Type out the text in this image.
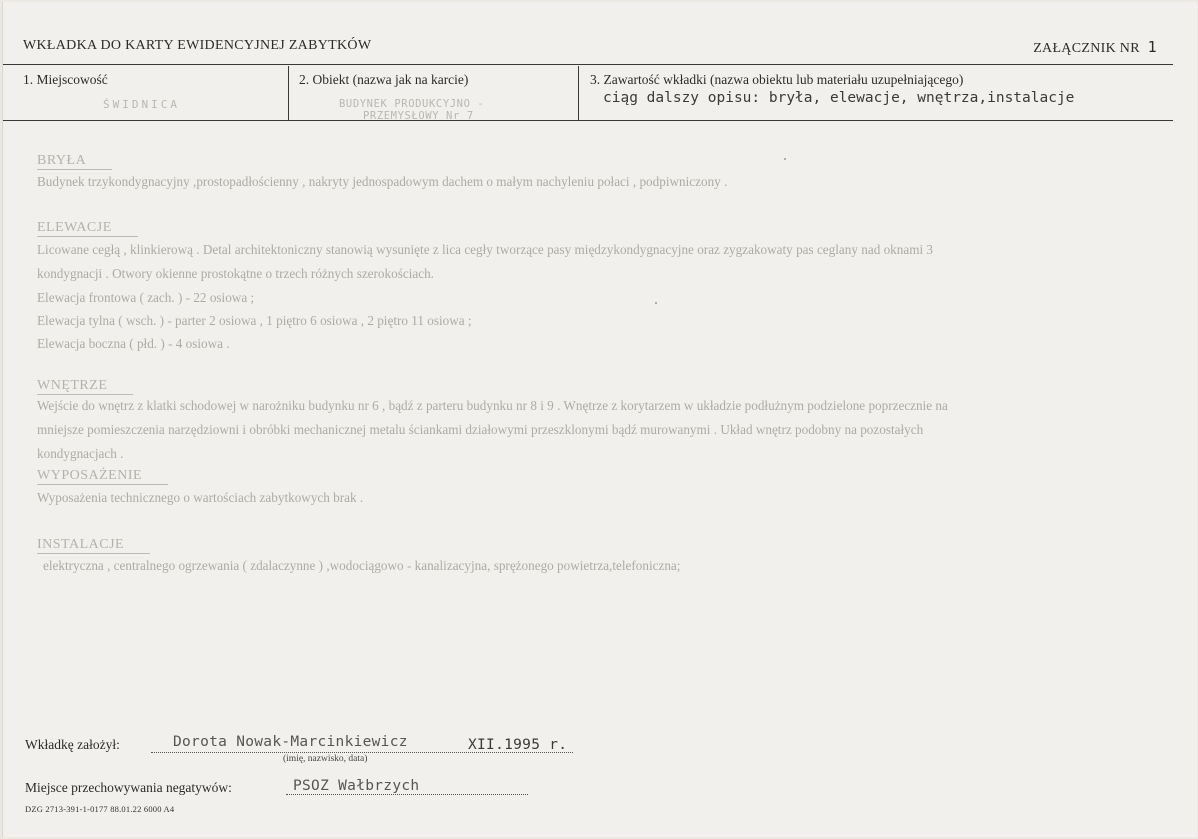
WKŁADKA DO KARTY EWIDENCYJNEJ ZABYTKÓW	ZAŁĄCZNIK NR 1
1. Miejscowość
ŚWIDNICA
2. Obiekt (nazwa jak na karcie)
BUDYNEK PRODUKCYJNO -
PRZEMYSŁOWY Nr 7
3. Zawartość wkładki (nazwa obiektu lub materiału uzupełniającego)
ciąg dalszy opisu: bryła, elewacje, wnętrza,instalacje
BRYŁA
Budynek trzykondygnacyjny ,prostopadłościenny , nakryty jednospadowym dachem o małym nachyleniu połaci , podpiwniczony .
ELEWACJE
Licowane cegłą , klinkierową . Detal architektoniczny stanowią wysunięte z lica cegły tworzące pasy międzykondygnacyjne oraz zygzakowaty pas ceglany nad oknami 3
kondygnacji . Otwory okienne prostokątne o trzech różnych szerokościach.
Elewacja frontowa ( zach. ) - 22 osiowa ;
Elewacja tylna ( wsch. ) - parter 2 osiowa , 1 piętro 6 osiowa , 2 piętro 11 osiowa ;
Elewacja boczna ( płd. ) - 4 osiowa .
WNĘTRZE
Wejście do wnętrz z klatki schodowej w narożniku budynku nr 6 , bądź z parteru budynku nr 8 i 9 . Wnętrze z korytarzem w układzie podłużnym podzielone poprzecznie na
mniejsze pomieszczenia narzędziowni i obróbki mechanicznej metalu ściankami działowymi przeszklonymi bądź murowanymi . Układ wnętrz podobny na pozostałych
kondygnacjach .
WYPOSAŻENIE
Wyposażenia technicznego o wartościach zabytkowych brak .
INSTALACJE
elektryczna , centralnego ogrzewania ( zdalaczynne ) ,wodociągowo - kanalizacyjna, sprężonego powietrza,telefoniczna;
Wkładkę założył:	Dorota Nowak-Marcinkiewicz	XII.1995 r.
(imię, nazwisko, data)
Miejsce przechowywania negatywów:	PSOZ Wałbrzych
DZG 2713-391-1-0177 88.01.22 6000 A4
